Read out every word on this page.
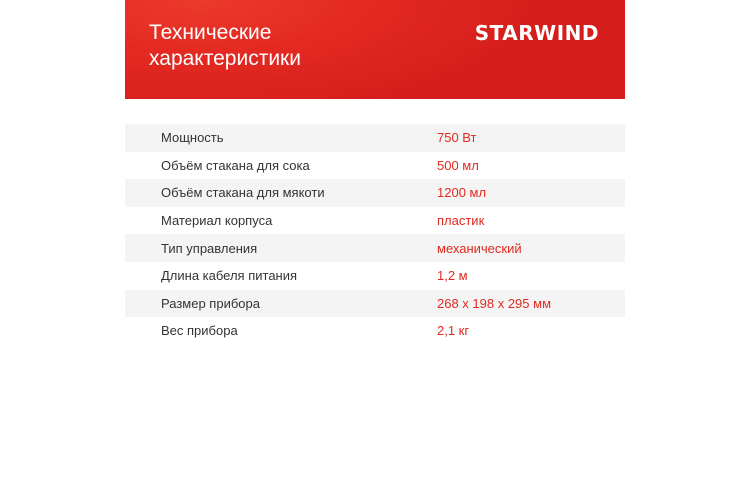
Технические
характеристики
STARWIND
Мощность	750 Вт
Объём стакана для сока	500 мл
Объём стакана для мякоти	1200 мл
Материал корпуса	пластик
Тип управления	механический
Длина кабеля питания	1,2 м
Размер прибора	268 x 198 x 295 мм
Вес прибора	2,1 кг
